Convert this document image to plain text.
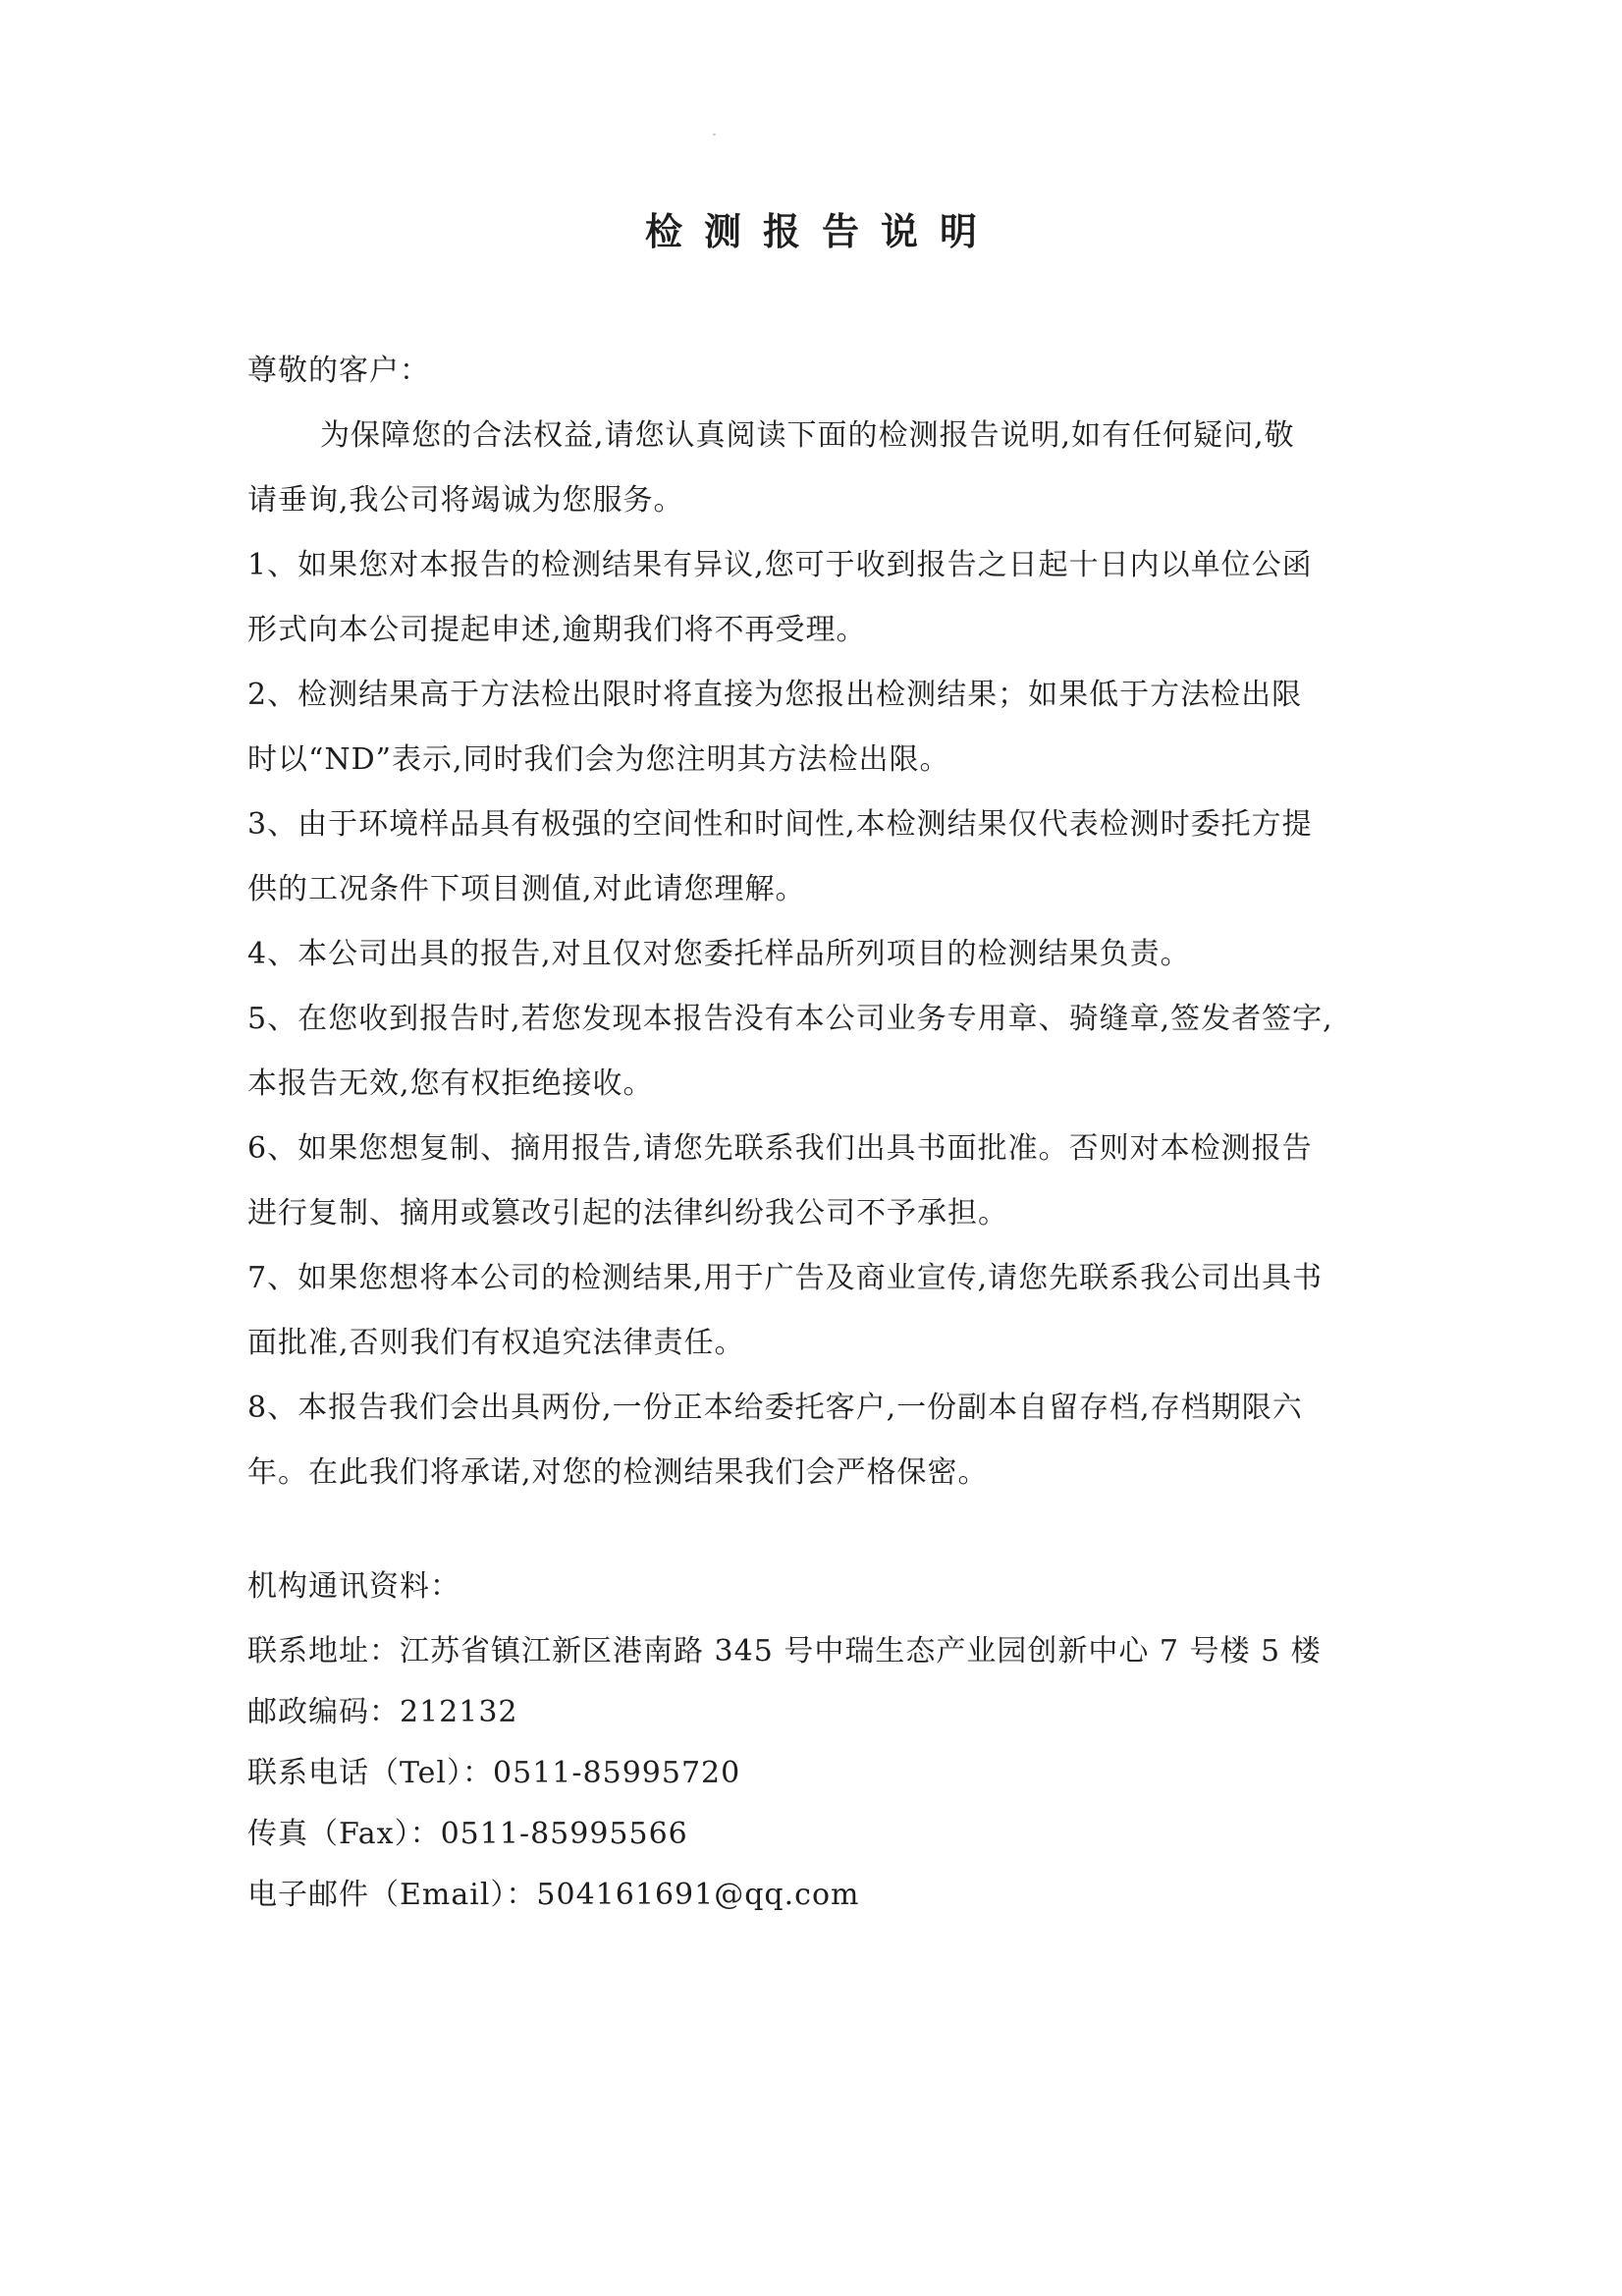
检测报告说明
尊敬的客户：
为保障您的合法权益,请您认真阅读下面的检测报告说明,如有任何疑问,敬
请垂询,我公司将竭诚为您服务。
1、如果您对本报告的检测结果有异议,您可于收到报告之日起十日内以单位公函
形式向本公司提起申述,逾期我们将不再受理。
2、检测结果高于方法检出限时将直接为您报出检测结果；如果低于方法检出限
时以“ND”表示,同时我们会为您注明其方法检出限。
3、由于环境样品具有极强的空间性和时间性,本检测结果仅代表检测时委托方提
供的工况条件下项目测值,对此请您理解。
4、本公司出具的报告,对且仅对您委托样品所列项目的检测结果负责。
5、在您收到报告时,若您发现本报告没有本公司业务专用章、骑缝章,签发者签字,
本报告无效,您有权拒绝接收。
6、如果您想复制、摘用报告,请您先联系我们出具书面批准。否则对本检测报告
进行复制、摘用或篡改引起的法律纠纷我公司不予承担。
7、如果您想将本公司的检测结果,用于广告及商业宣传,请您先联系我公司出具书
面批准,否则我们有权追究法律责任。
8、本报告我们会出具两份,一份正本给委托客户,一份副本自留存档,存档期限六
年。在此我们将承诺,对您的检测结果我们会严格保密。
机构通讯资料：
联系地址：江苏省镇江新区港南路 345 号中瑞生态产业园创新中心 7 号楼 5 楼
邮政编码：212132
联系电话（Tel）：0511-85995720
传真（Fax）：0511-85995566
电子邮件（Email）：504161691@qq.com
